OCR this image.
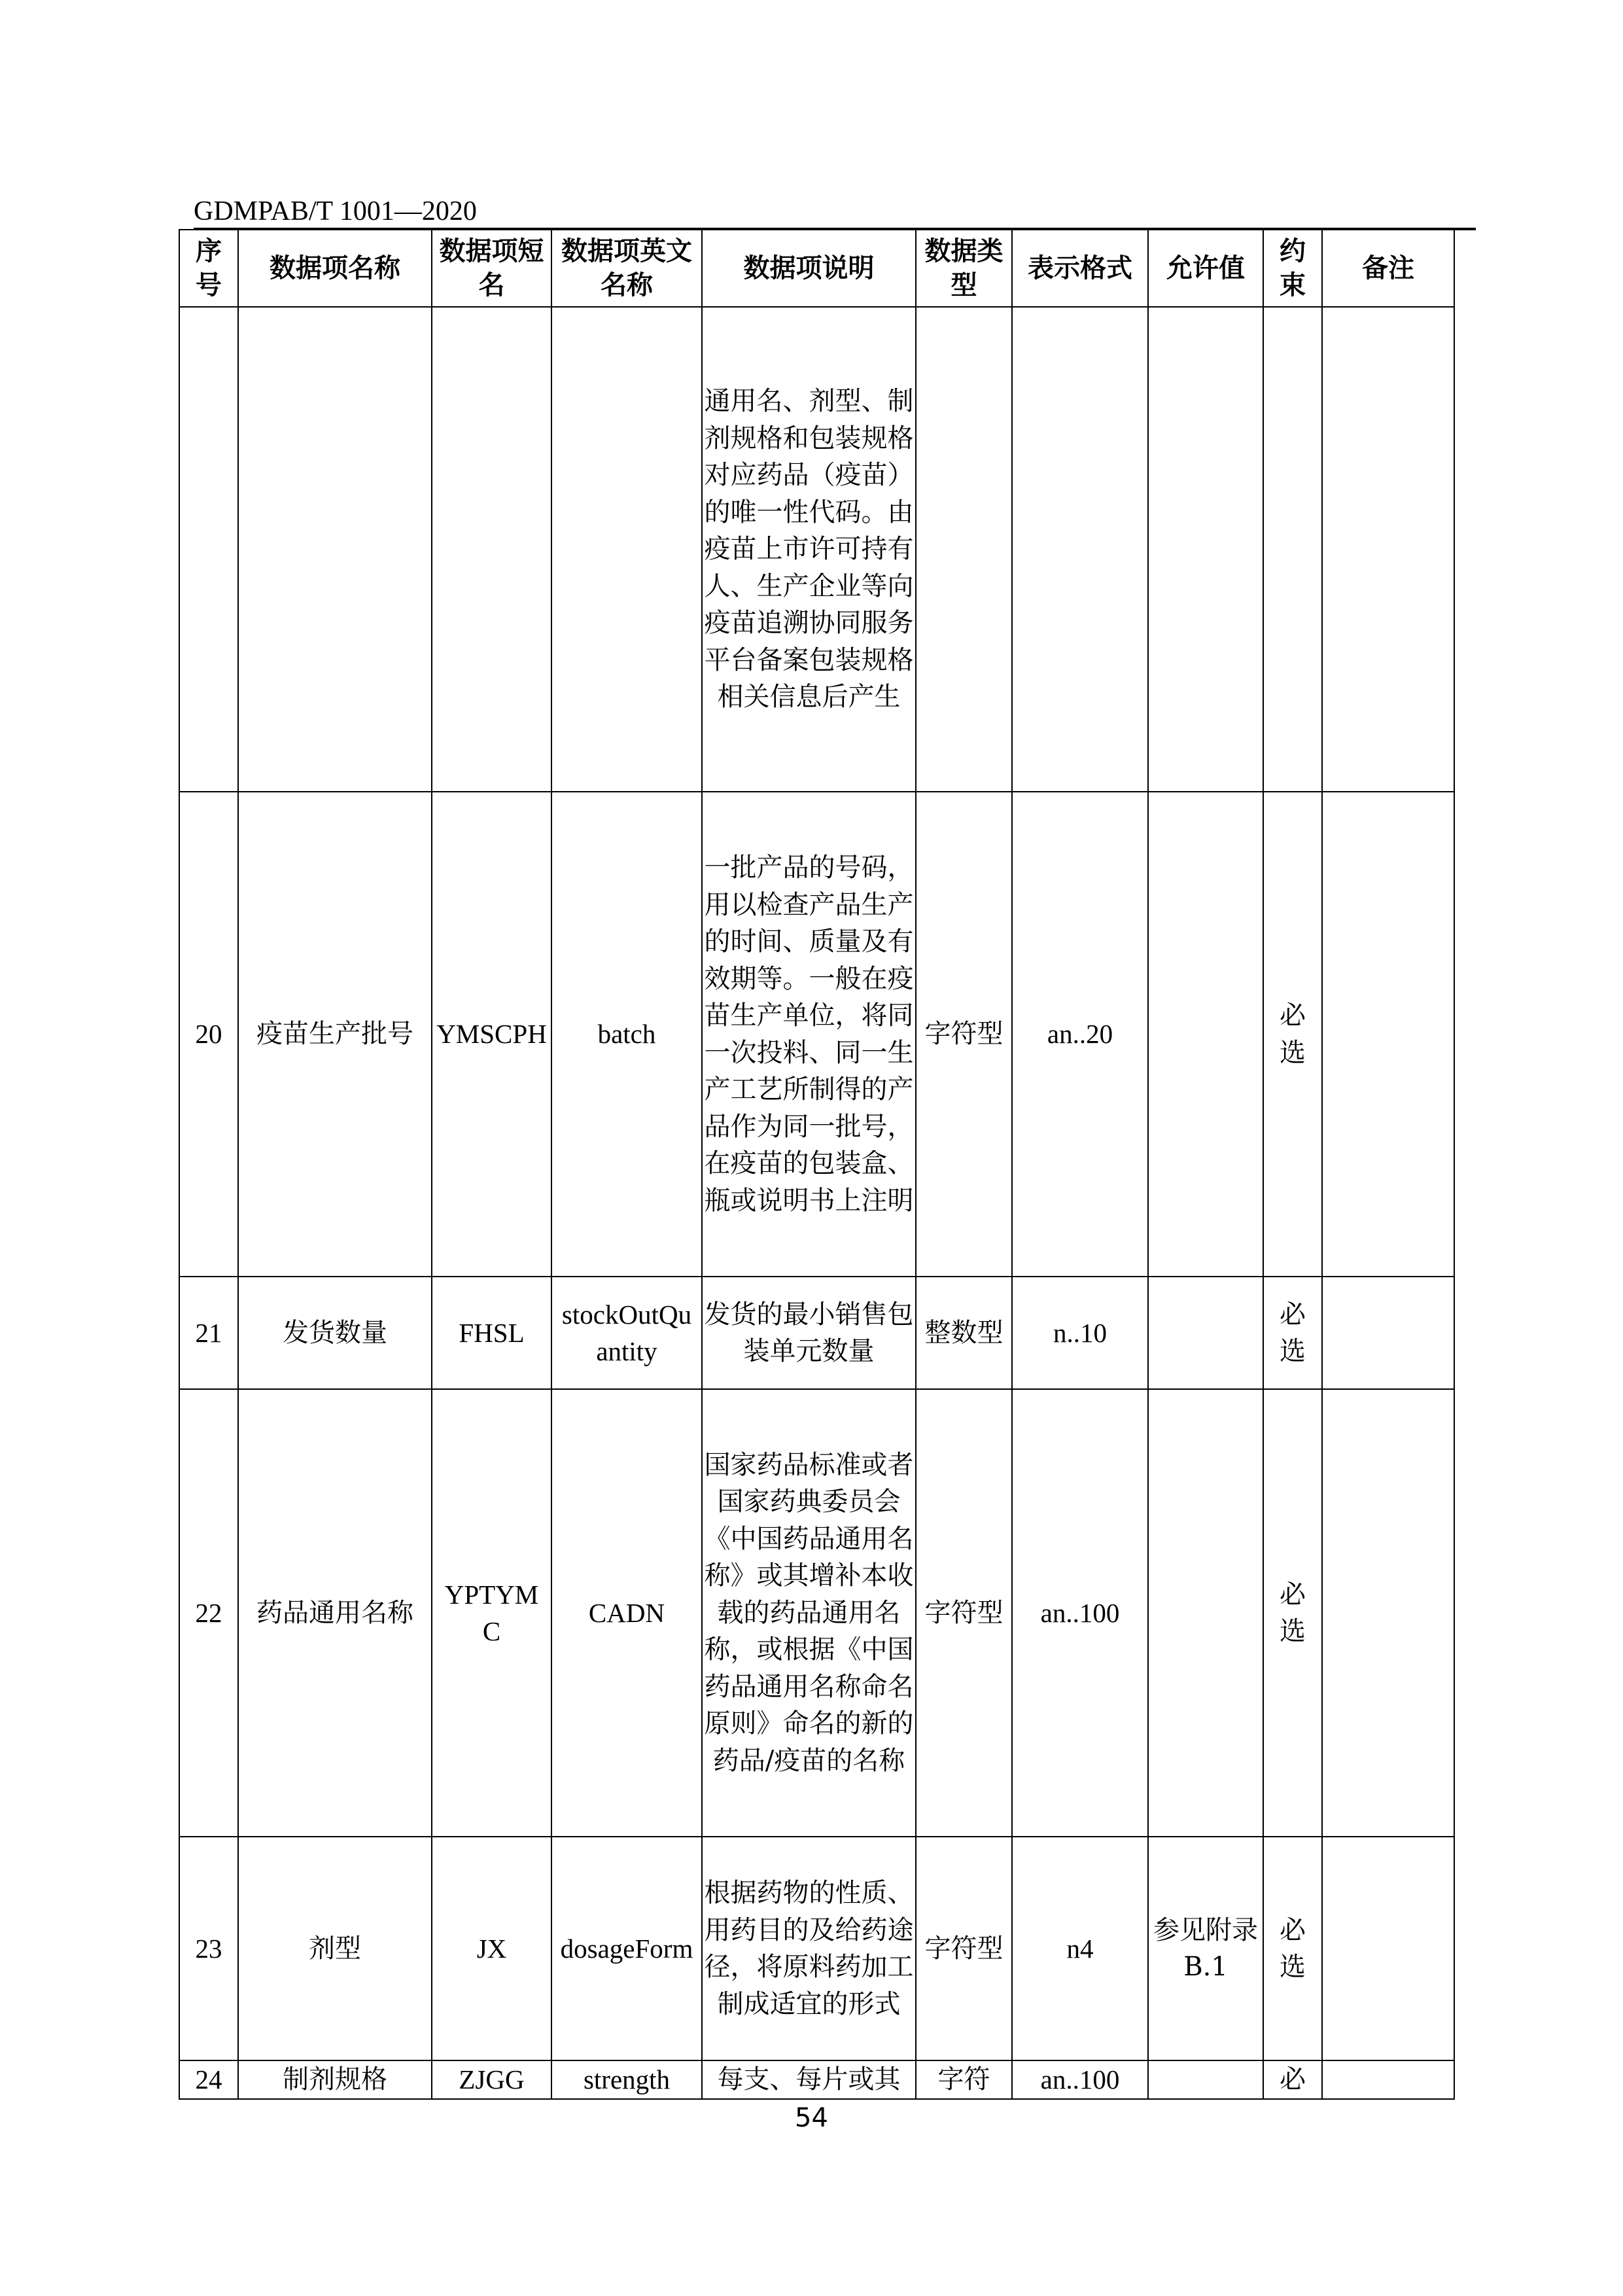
GDMPAB/T 1001—2020
序号	数据项名称	数据项短名	数据项英文名称	数据项说明	数据类型	表示格式	允许值	约束	备注
				通用名、剂型、制剂规格和包装规格对应药品（疫苗）的唯一性代码。由疫苗上市许可持有人、生产企业等向疫苗追溯协同服务平台备案包装规格相关信息后产生					
20	疫苗生产批号	YMSCPH	batch	一批产品的号码，用以检查产品生产的时间、质量及有效期等。一般在疫苗生产单位，将同一次投料、同一生产工艺所制得的产品作为同一批号，在疫苗的包装盒、瓶或说明书上注明	字符型	an..20		必选	
21	发货数量	FHSL	stockOutQuantity	发货的最小销售包装单元数量	整数型	n..10		必选	
22	药品通用名称	YPTYMC	CADN	国家药品标准或者国家药典委员会《中国药品通用名称》或其增补本收载的药品通用名称，或根据《中国药品通用名称命名原则》命名的新的药品/疫苗的名称	字符型	an..100		必选	
23	剂型	JX	dosageForm	根据药物的性质、用药目的及给药途径，将原料药加工制成适宜的形式	字符型	n4	参见附录B.1	必选	
24	制剂规格	ZJGG	strength	每支、每片或其	字符	an..100		必	
54
